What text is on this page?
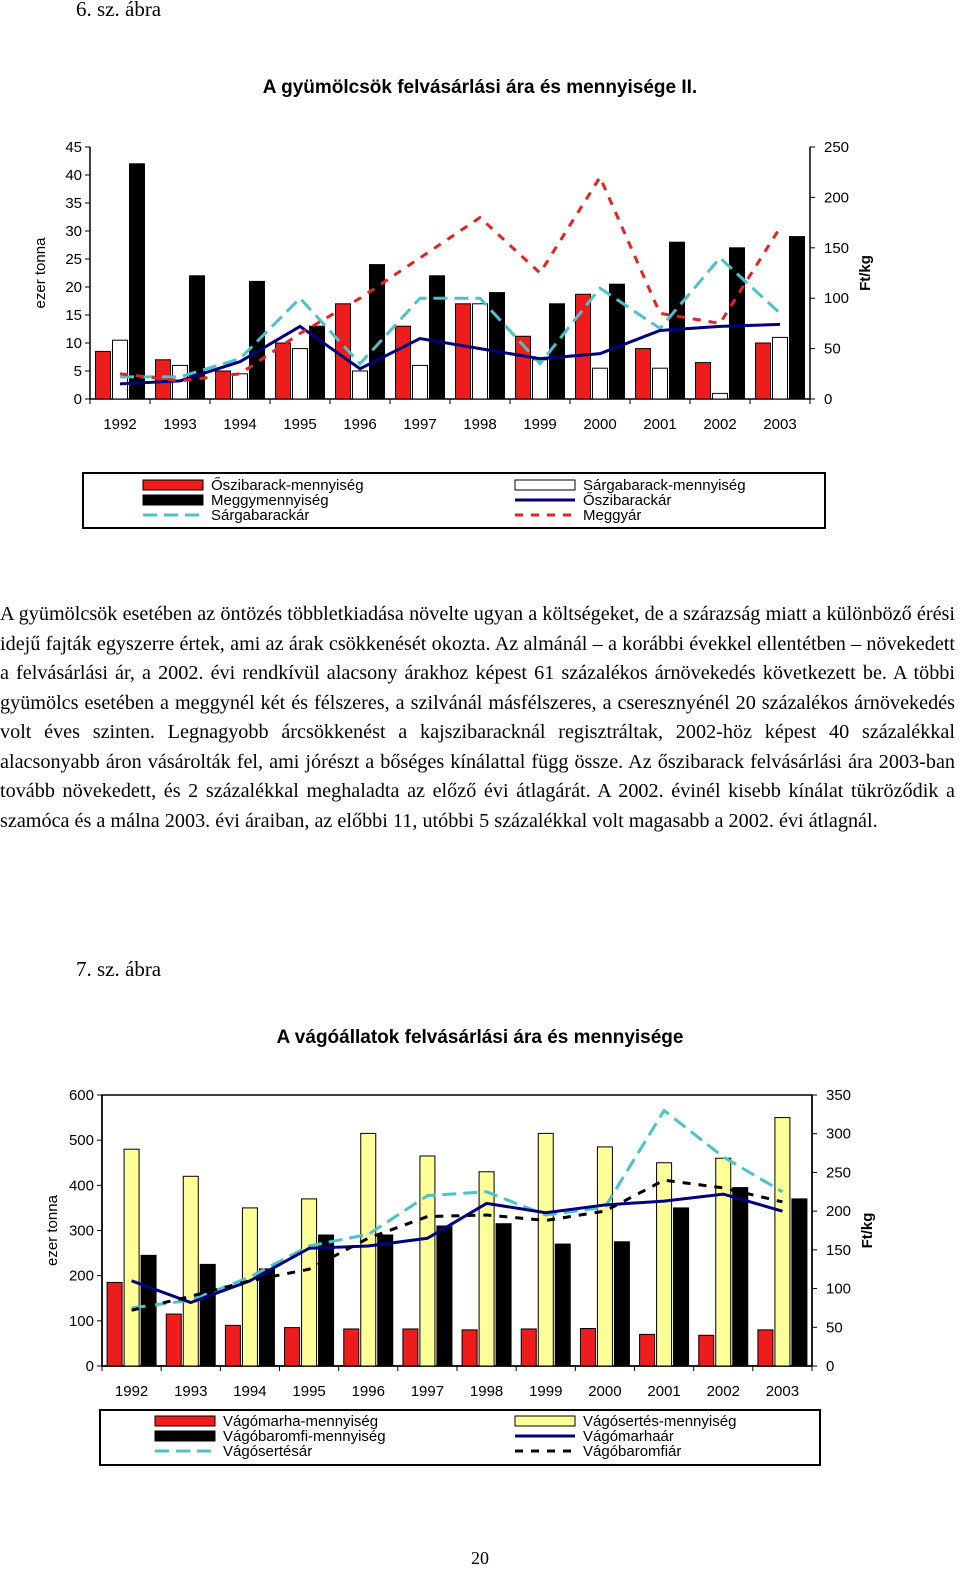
6. sz. ábra
A gyümölcsök felvásárlási ára és mennyisége II.
0
5
10
15
20
25
30
35
40
45
0
50
100
150
200
250
1992 1993 1994 1995 1996 1997 1998 1999 2000 2001 2002 2003
ezer tonna	Ft/kg
Őszibarack-mennyiség	Sárgabarack-mennyiség
Meggymennyiség	Őszibarackár
Sárgabarackár	Meggyár
A gyümölcsök esetében az öntözés többletkiadása növelte ugyan a költségeket, de a szárazság miatt a különböző érési idejű fajták egyszerre értek, ami az árak csökkenését okozta. Az almánál – a korábbi évekkel ellentétben – növekedett a felvásárlási ár, a 2002. évi rendkívül alacsony árakhoz képest 61 százalékos árnövekedés következett be. A többi gyümölcs esetében a meggynél két és félszeres, a szilvánál másfélszeres, a cseresznyénél 20 százalékos árnövekedés volt éves szinten. Legnagyobb árcsökkenést a kajszibaracknál regisztráltak, 2002-höz képest 40 százalékkal alacsonyabb áron vásárolták fel, ami jórészt a bőséges kínálattal függ össze. Az őszibarack felvásárlási ára 2003-ban tovább növekedett, és 2 százalékkal meghaladta az előző évi átlagárát. A 2002. évinél kisebb kínálat tükröződik a szamóca és a málna 2003. évi áraiban, az előbbi 11, utóbbi 5 százalékkal volt magasabb a 2002. évi átlagnál.
7. sz. ábra
A vágóállatok felvásárlási ára és mennyisége
0
100
200
300
400
500
600
0
50
100
150
200
250
300
350
1992 1993 1994 1995 1996 1997 1998 1999 2000 2001 2002 2003
ezer tonna	Ft/kg
Vágómarha-mennyiség	Vágósertés-mennyiség
Vágóbaromfi-mennyiség	Vágómarhaár
Vágósertésár	Vágóbaromfiár
20
